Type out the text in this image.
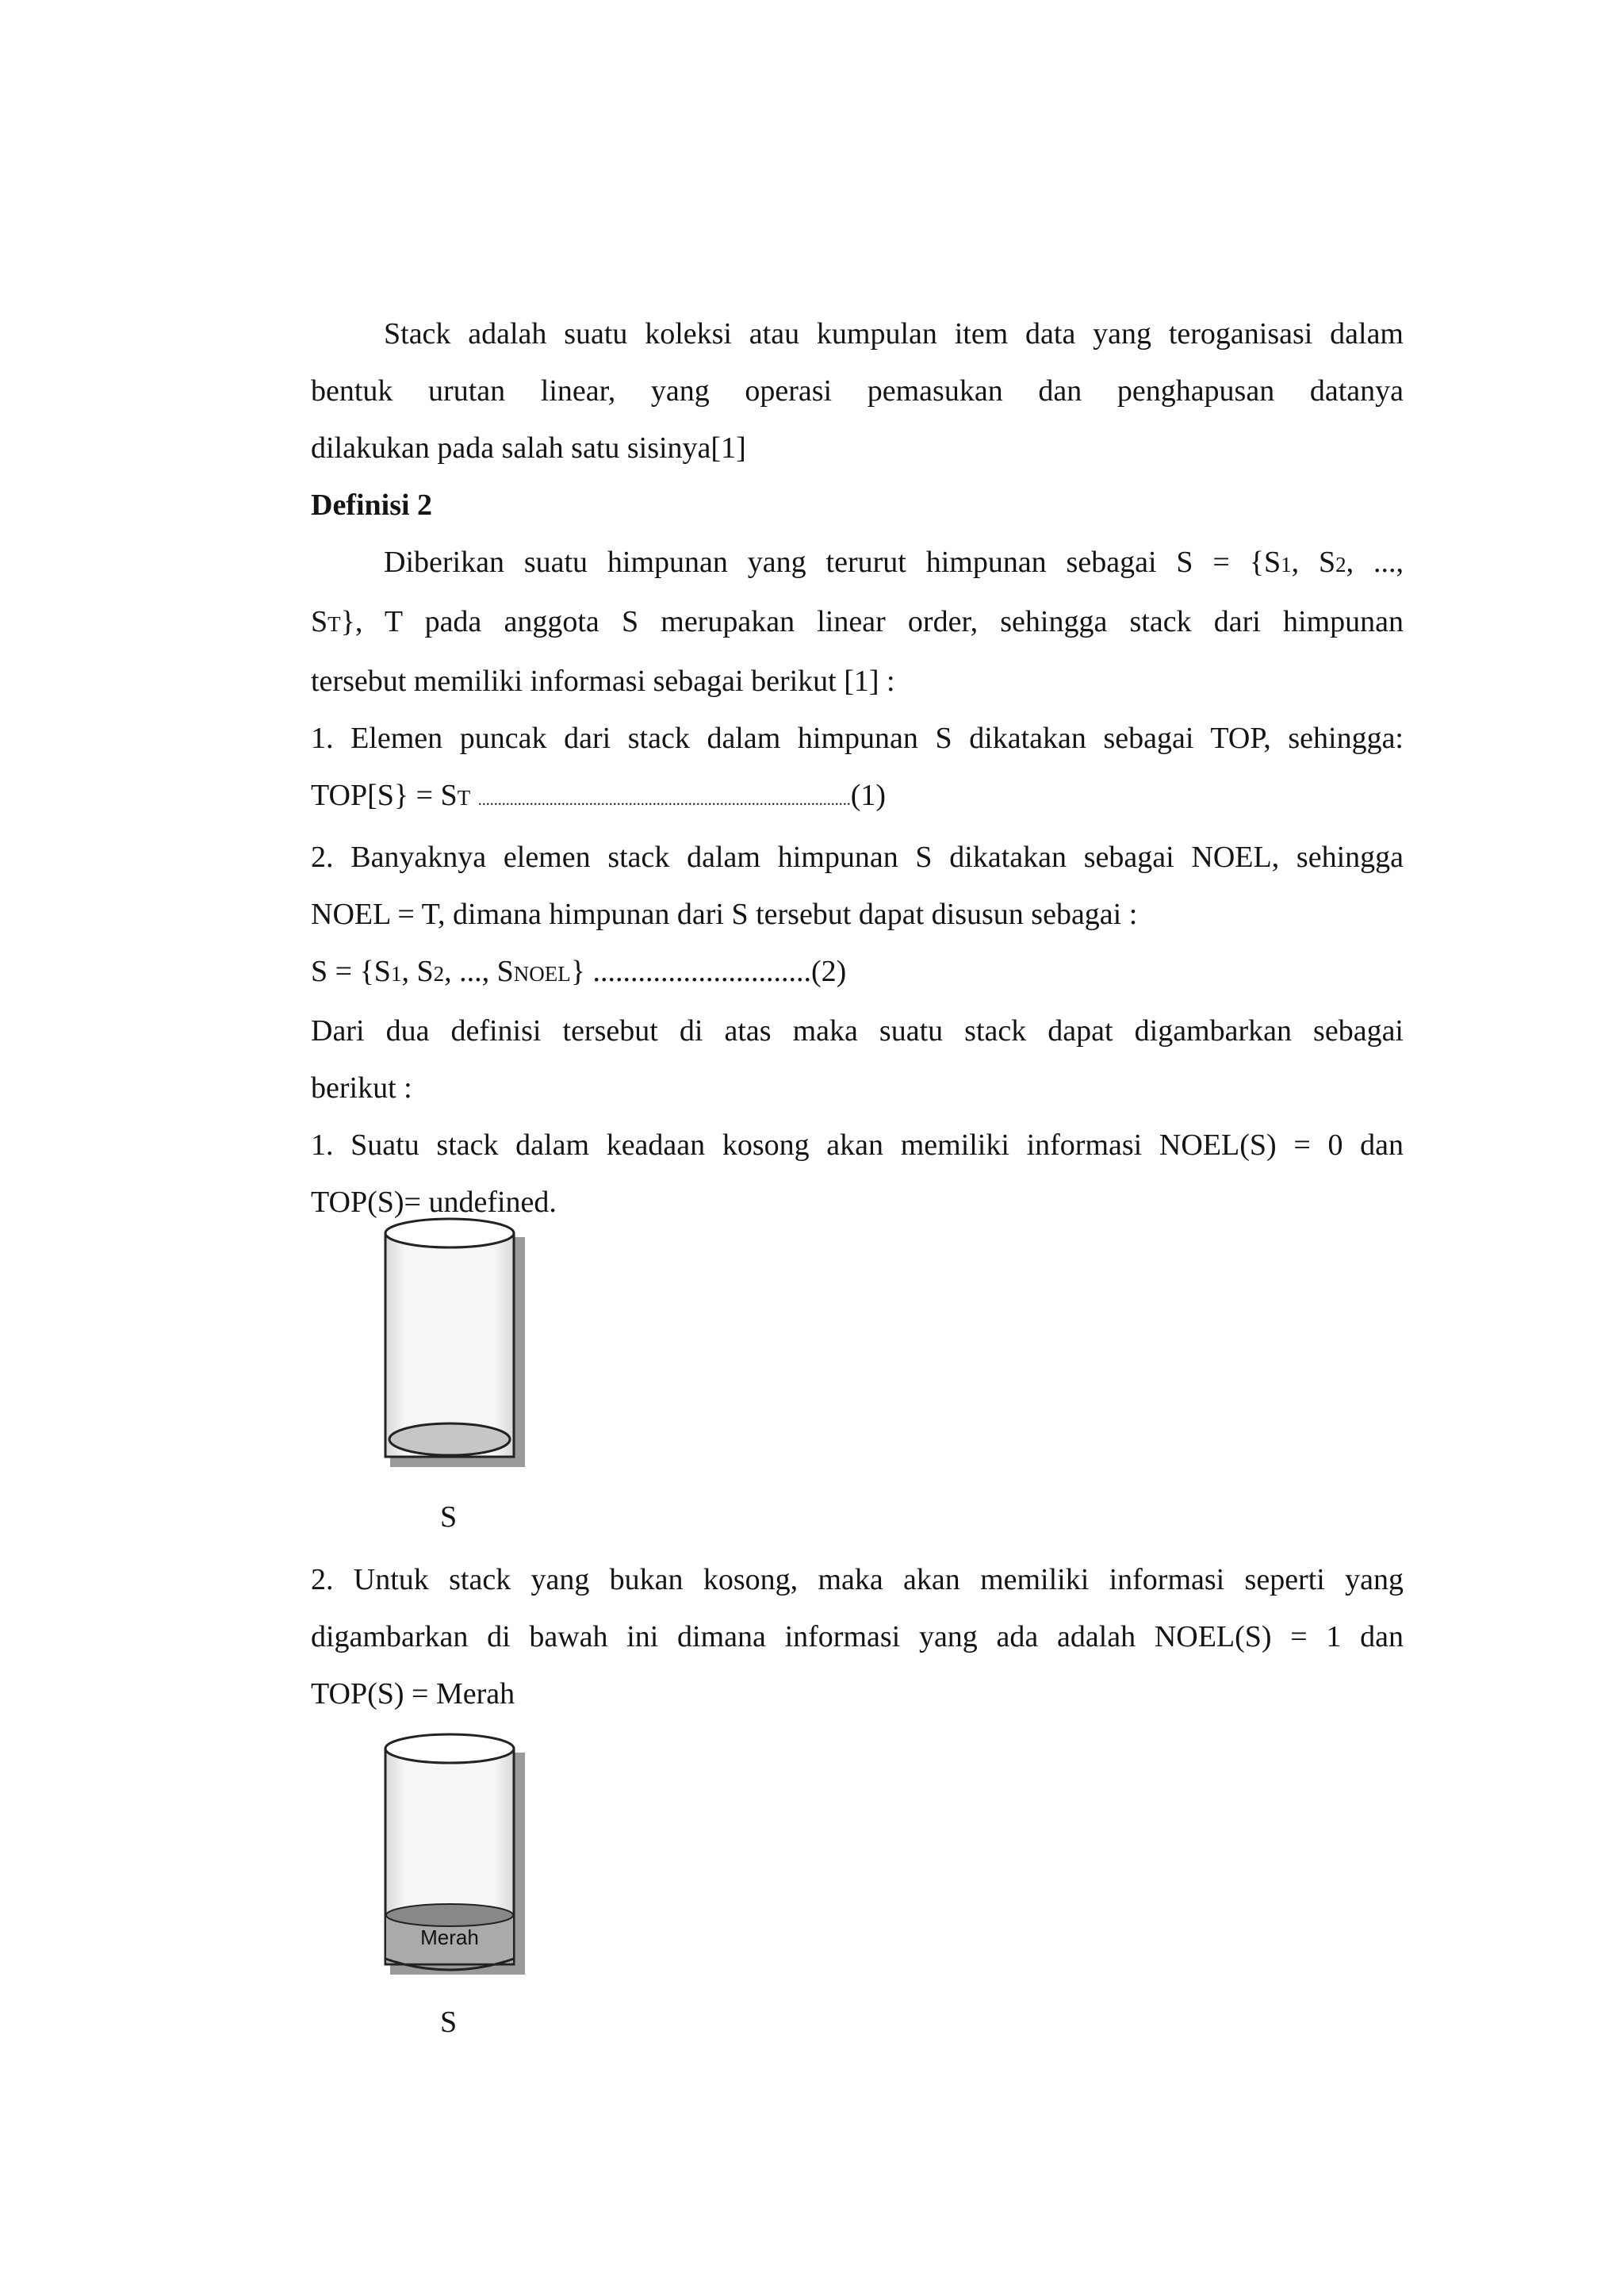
Stack adalah suatu koleksi atau kumpulan item data yang teroganisasi dalam

bentuk urutan linear, yang operasi pemasukan dan penghapusan datanya

dilakukan pada salah satu sisinya[1]

Definisi 2

Diberikan suatu himpunan yang terurut himpunan sebagai S = {S1, S2, ...,

ST}, T pada anggota S merupakan linear order, sehingga stack dari himpunan

tersebut memiliki informasi sebagai berikut [1] :

1. Elemen puncak dari stack dalam himpunan S dikatakan sebagai TOP, sehingga:

TOP[S} = ST ..............................................................................................(1)

2. Banyaknya elemen stack dalam himpunan S dikatakan sebagai NOEL, sehingga

NOEL = T, dimana himpunan dari S tersebut dapat disusun sebagai :

S = {S1, S2, ..., SNOEL} .............................(2)

Dari dua definisi tersebut di atas maka suatu stack dapat digambarkan sebagai

berikut :

1. Suatu stack dalam keadaan kosong akan memiliki informasi NOEL(S) = 0 dan

TOP(S)= undefined.

S

2. Untuk stack yang bukan kosong, maka akan memiliki informasi seperti yang

digambarkan di bawah ini dimana informasi yang ada adalah NOEL(S) = 1 dan

TOP(S) = Merah

Merah
S
